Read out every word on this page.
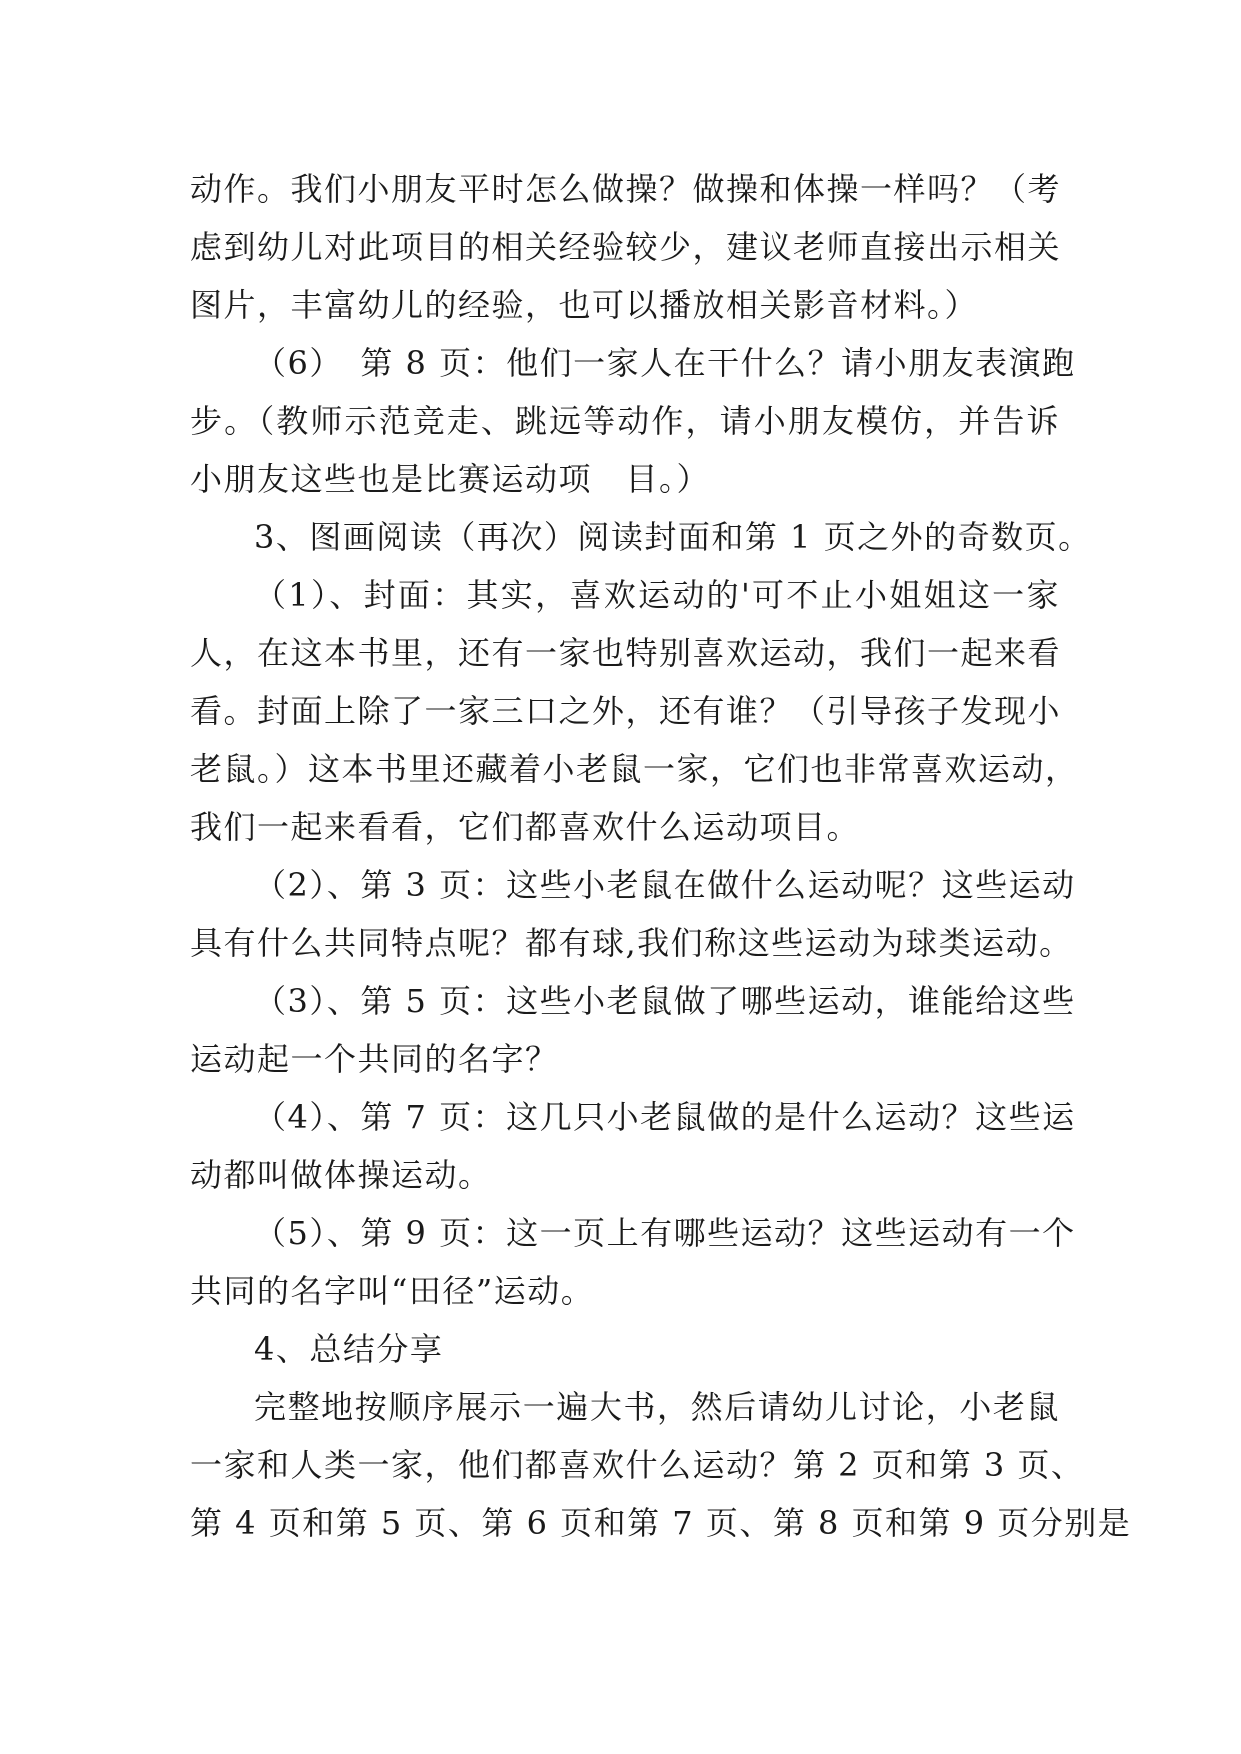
动作。我们小朋友平时怎么做操？做操和体操一样吗？（考
虑到幼儿对此项目的相关经验较少，建议老师直接出示相关
图片，丰富幼儿的经验，也可以播放相关影音材料。）
（6）　第 8 页：他们一家人在干什么？请小朋友表演跑
步。（教师示范竞走、跳远等动作，请小朋友模仿，并告诉
小朋友这些也是比赛运动项　目。）
3、图画阅读（再次）阅读封面和第 1 页之外的奇数页。
（1）、封面：其实，喜欢运动的'可不止小姐姐这一家
人，在这本书里，还有一家也特别喜欢运动，我们一起来看
看。封面上除了一家三口之外，还有谁？（引导孩子发现小
老鼠。）这本书里还藏着小老鼠一家，它们也非常喜欢运动，
我们一起来看看，它们都喜欢什么运动项目。
（2）、第 3 页：这些小老鼠在做什么运动呢？这些运动
具有什么共同特点呢？都有球,我们称这些运动为球类运动。
（3）、第 5 页：这些小老鼠做了哪些运动，谁能给这些
运动起一个共同的名字？
（4）、第 7 页：这几只小老鼠做的是什么运动？这些运
动都叫做体操运动。
（5）、第 9 页：这一页上有哪些运动？这些运动有一个
共同的名字叫“田径”运动。
4、总结分享
完整地按顺序展示一遍大书，然后请幼儿讨论，小老鼠
一家和人类一家，他们都喜欢什么运动？第 2 页和第 3 页、
第 4 页和第 5 页、第 6 页和第 7 页、第 8 页和第 9 页分别是
